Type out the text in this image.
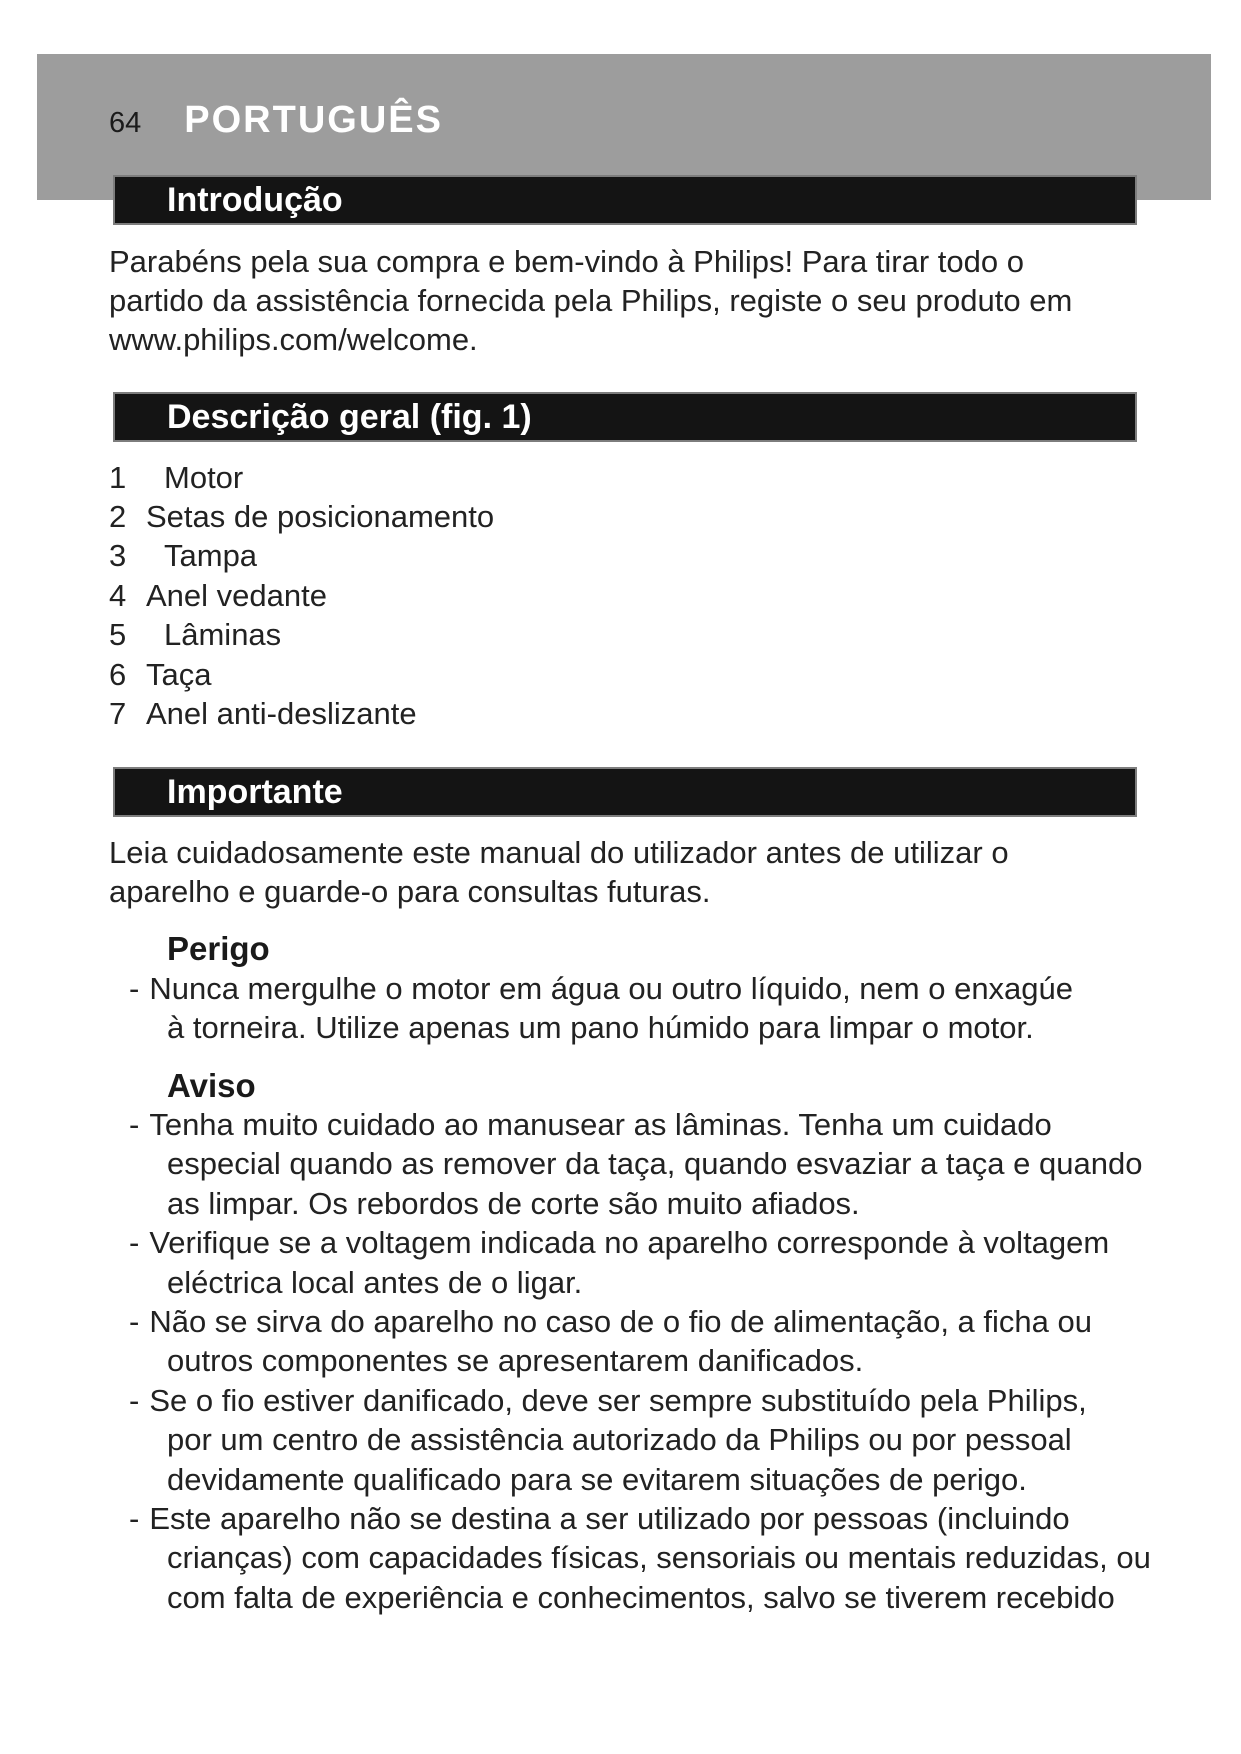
64 PORTUGUÊS
Introdução
Parabéns pela sua compra e bem-vindo à Philips! Para tirar todo o
partido da assistência fornecida pela Philips, registe o seu produto em
www.philips.com/welcome.
Descrição geral (fig. 1)
1 Motor
2 Setas de posicionamento
3 Tampa
4 Anel vedante
5 Lâminas
6 Taça
7 Anel anti-deslizante
Importante
Leia cuidadosamente este manual do utilizador antes de utilizar o
aparelho e guarde-o para consultas futuras.
Perigo
- Nunca mergulhe o motor em água ou outro líquido, nem o enxagúe
à torneira. Utilize apenas um pano húmido para limpar o motor.
Aviso
- Tenha muito cuidado ao manusear as lâminas. Tenha um cuidado
especial quando as remover da taça, quando esvaziar a taça e quando
as limpar. Os rebordos de corte são muito afiados.
- Verifique se a voltagem indicada no aparelho corresponde à voltagem
eléctrica local antes de o ligar.
- Não se sirva do aparelho no caso de o fio de alimentação, a ficha ou
outros componentes se apresentarem danificados.
- Se o fio estiver danificado, deve ser sempre substituído pela Philips,
por um centro de assistência autorizado da Philips ou por pessoal
devidamente qualificado para se evitarem situações de perigo.
- Este aparelho não se destina a ser utilizado por pessoas (incluindo
crianças) com capacidades físicas, sensoriais ou mentais reduzidas, ou
com falta de experiência e conhecimentos, salvo se tiverem recebido
